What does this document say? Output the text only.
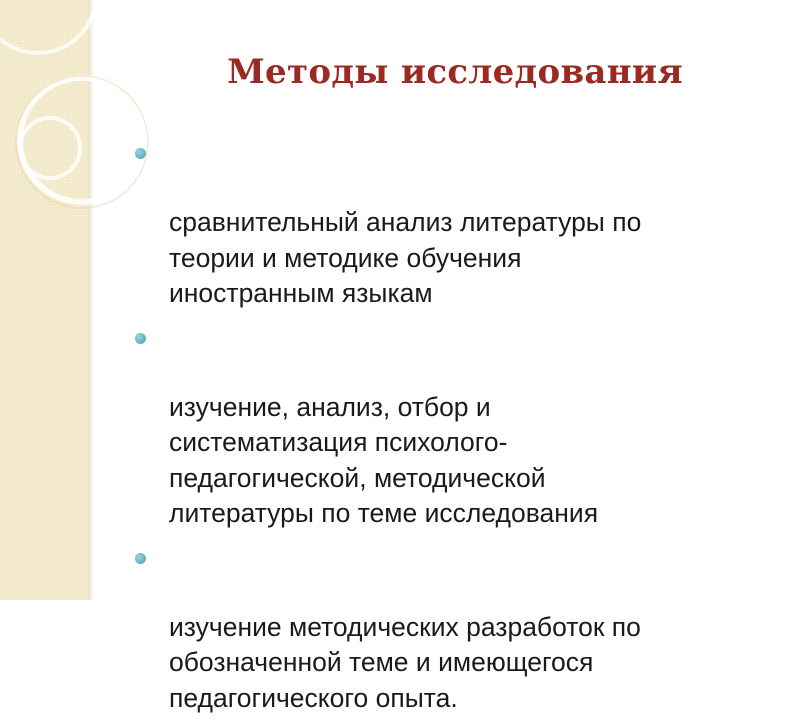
Методы исследования

сравнительный анализ литературы по
теории и методике обучения
иностранным языкам

изучение, анализ, отбор и
систематизация психолого-
педагогической, методической
литературы по теме исследования

изучение методических разработок по
обозначенной теме и имеющегося
педагогического опыта.
